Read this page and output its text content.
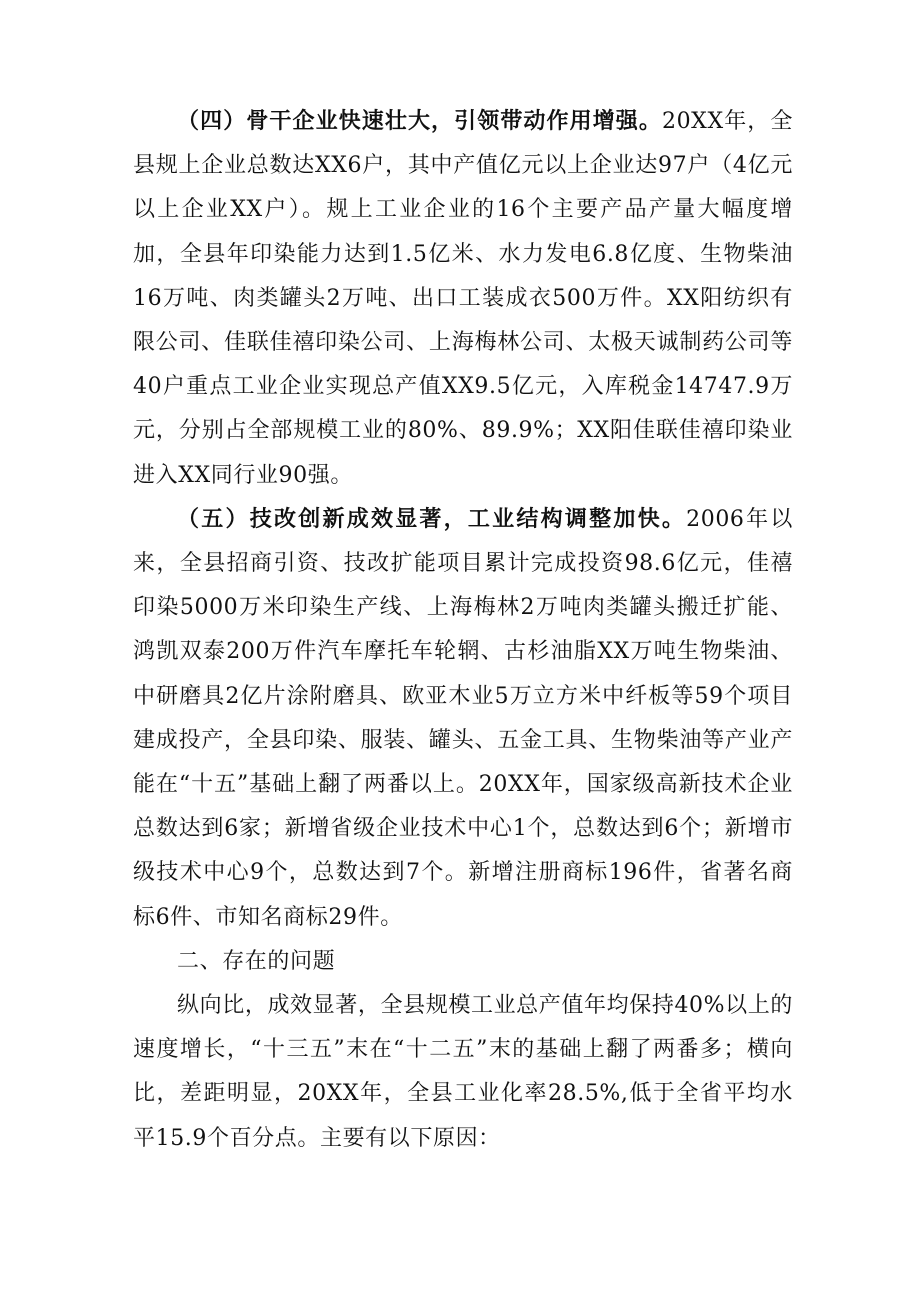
（四）骨干企业快速壮大，引领带动作用增强。20XX年，全县规上企业总数达XX6户，其中产值亿元以上企业达97户（4亿元以上企业XX户）。规上工业企业的16个主要产品产量大幅度增加，全县年印染能力达到1.5亿米、水力发电6.8亿度、生物柴油16万吨、肉类罐头2万吨、出口工装成衣500万件。XX阳纺织有限公司、佳联佳禧印染公司、上海梅林公司、太极天诚制药公司等40户重点工业企业实现总产值XX9.5亿元，入库税金14747.9万元，分别占全部规模工业的80%、89.9%；XX阳佳联佳禧印染业进入XX同行业90强。

（五）技改创新成效显著，工业结构调整加快。2006年以来，全县招商引资、技改扩能项目累计完成投资98.6亿元，佳禧印染5000万米印染生产线、上海梅林2万吨肉类罐头搬迁扩能、鸿凯双泰200万件汽车摩托车轮辋、古杉油脂XX万吨生物柴油、中研磨具2亿片涂附磨具、欧亚木业5万立方米中纤板等59个项目建成投产，全县印染、服装、罐头、五金工具、生物柴油等产业产能在“十五”基础上翻了两番以上。20XX年，国家级高新技术企业总数达到6家；新增省级企业技术中心1个，总数达到6个；新增市级技术中心9个，总数达到7个。新增注册商标196件，省著名商标6件、市知名商标29件。

二、存在的问题

纵向比，成效显著，全县规模工业总产值年均保持40%以上的速度增长，“十三五”末在“十二五”末的基础上翻了两番多；横向比，差距明显，20XX年，全县工业化率28.5%,低于全省平均水平15.9个百分点。主要有以下原因：
